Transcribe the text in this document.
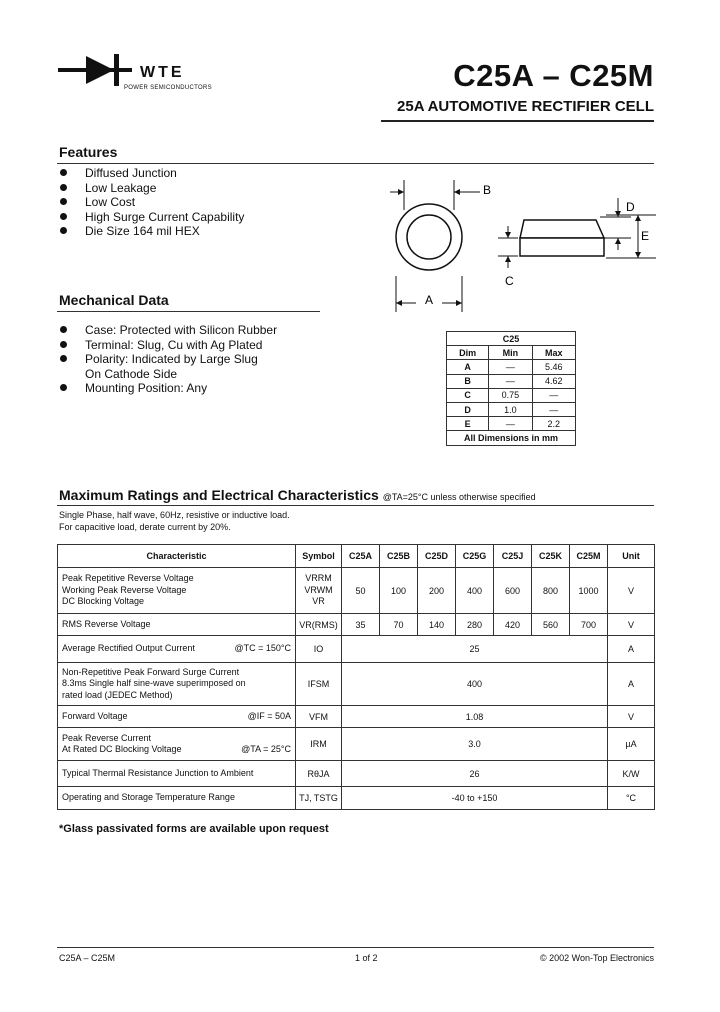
WTE
POWER SEMICONDUCTORS	C25A – C25M
25A AUTOMOTIVE RECTIFIER CELL
Features
Diffused Junction
Low Leakage
Low Cost
High Surge Current Capability
Die Size 164 mil HEX
Mechanical Data
Case: Protected with Silicon Rubber
Terminal: Slug, Cu with Ag Plated
Polarity: Indicated by Large Slug
On Cathode Side
Mounting Position: Any
B
A
D
E
C
C25		
Dim	Min	Max
A	—	5.46
B	—	4.62
C	0.75	—
D	1.0	—
E	—	2.2
All Dimensions in mm		
Maximum Ratings and Electrical Characteristics @TA=25°C unless otherwise specified
Single Phase, half wave, 60Hz, resistive or inductive load.
For capacitive load, derate current by 20%.
Characteristic	Symbol	C25A	C25B	C25D	C25G	C25J	C25K	C25M	Unit
Peak Repetitive Reverse Voltage
Working Peak Reverse Voltage
DC Blocking Voltage	VRRM
VRWM
VR	50	100	200	400	600	800	1000	V
RMS Reverse Voltage	VR(RMS)	35	70	140	280	420	560	700	V
Average Rectified Output Current @TC = 150°C	IO	25							A
Non-Repetitive Peak Forward Surge Current
8.3ms Single half sine-wave superimposed on
rated load (JEDEC Method)	IFSM	400							A
Forward Voltage @IF = 50A	VFM	1.08							V
Peak Reverse Current
At Rated DC Blocking Voltage @TA = 25°C	IRM	3.0							µA
Typical Thermal Resistance Junction to Ambient	RθJA	26							K/W
Operating and Storage Temperature Range	TJ, TSTG	-40 to +150							°C
*Glass passivated forms are available upon request
C25A – C25M	1 of 2	© 2002 Won-Top Electronics
